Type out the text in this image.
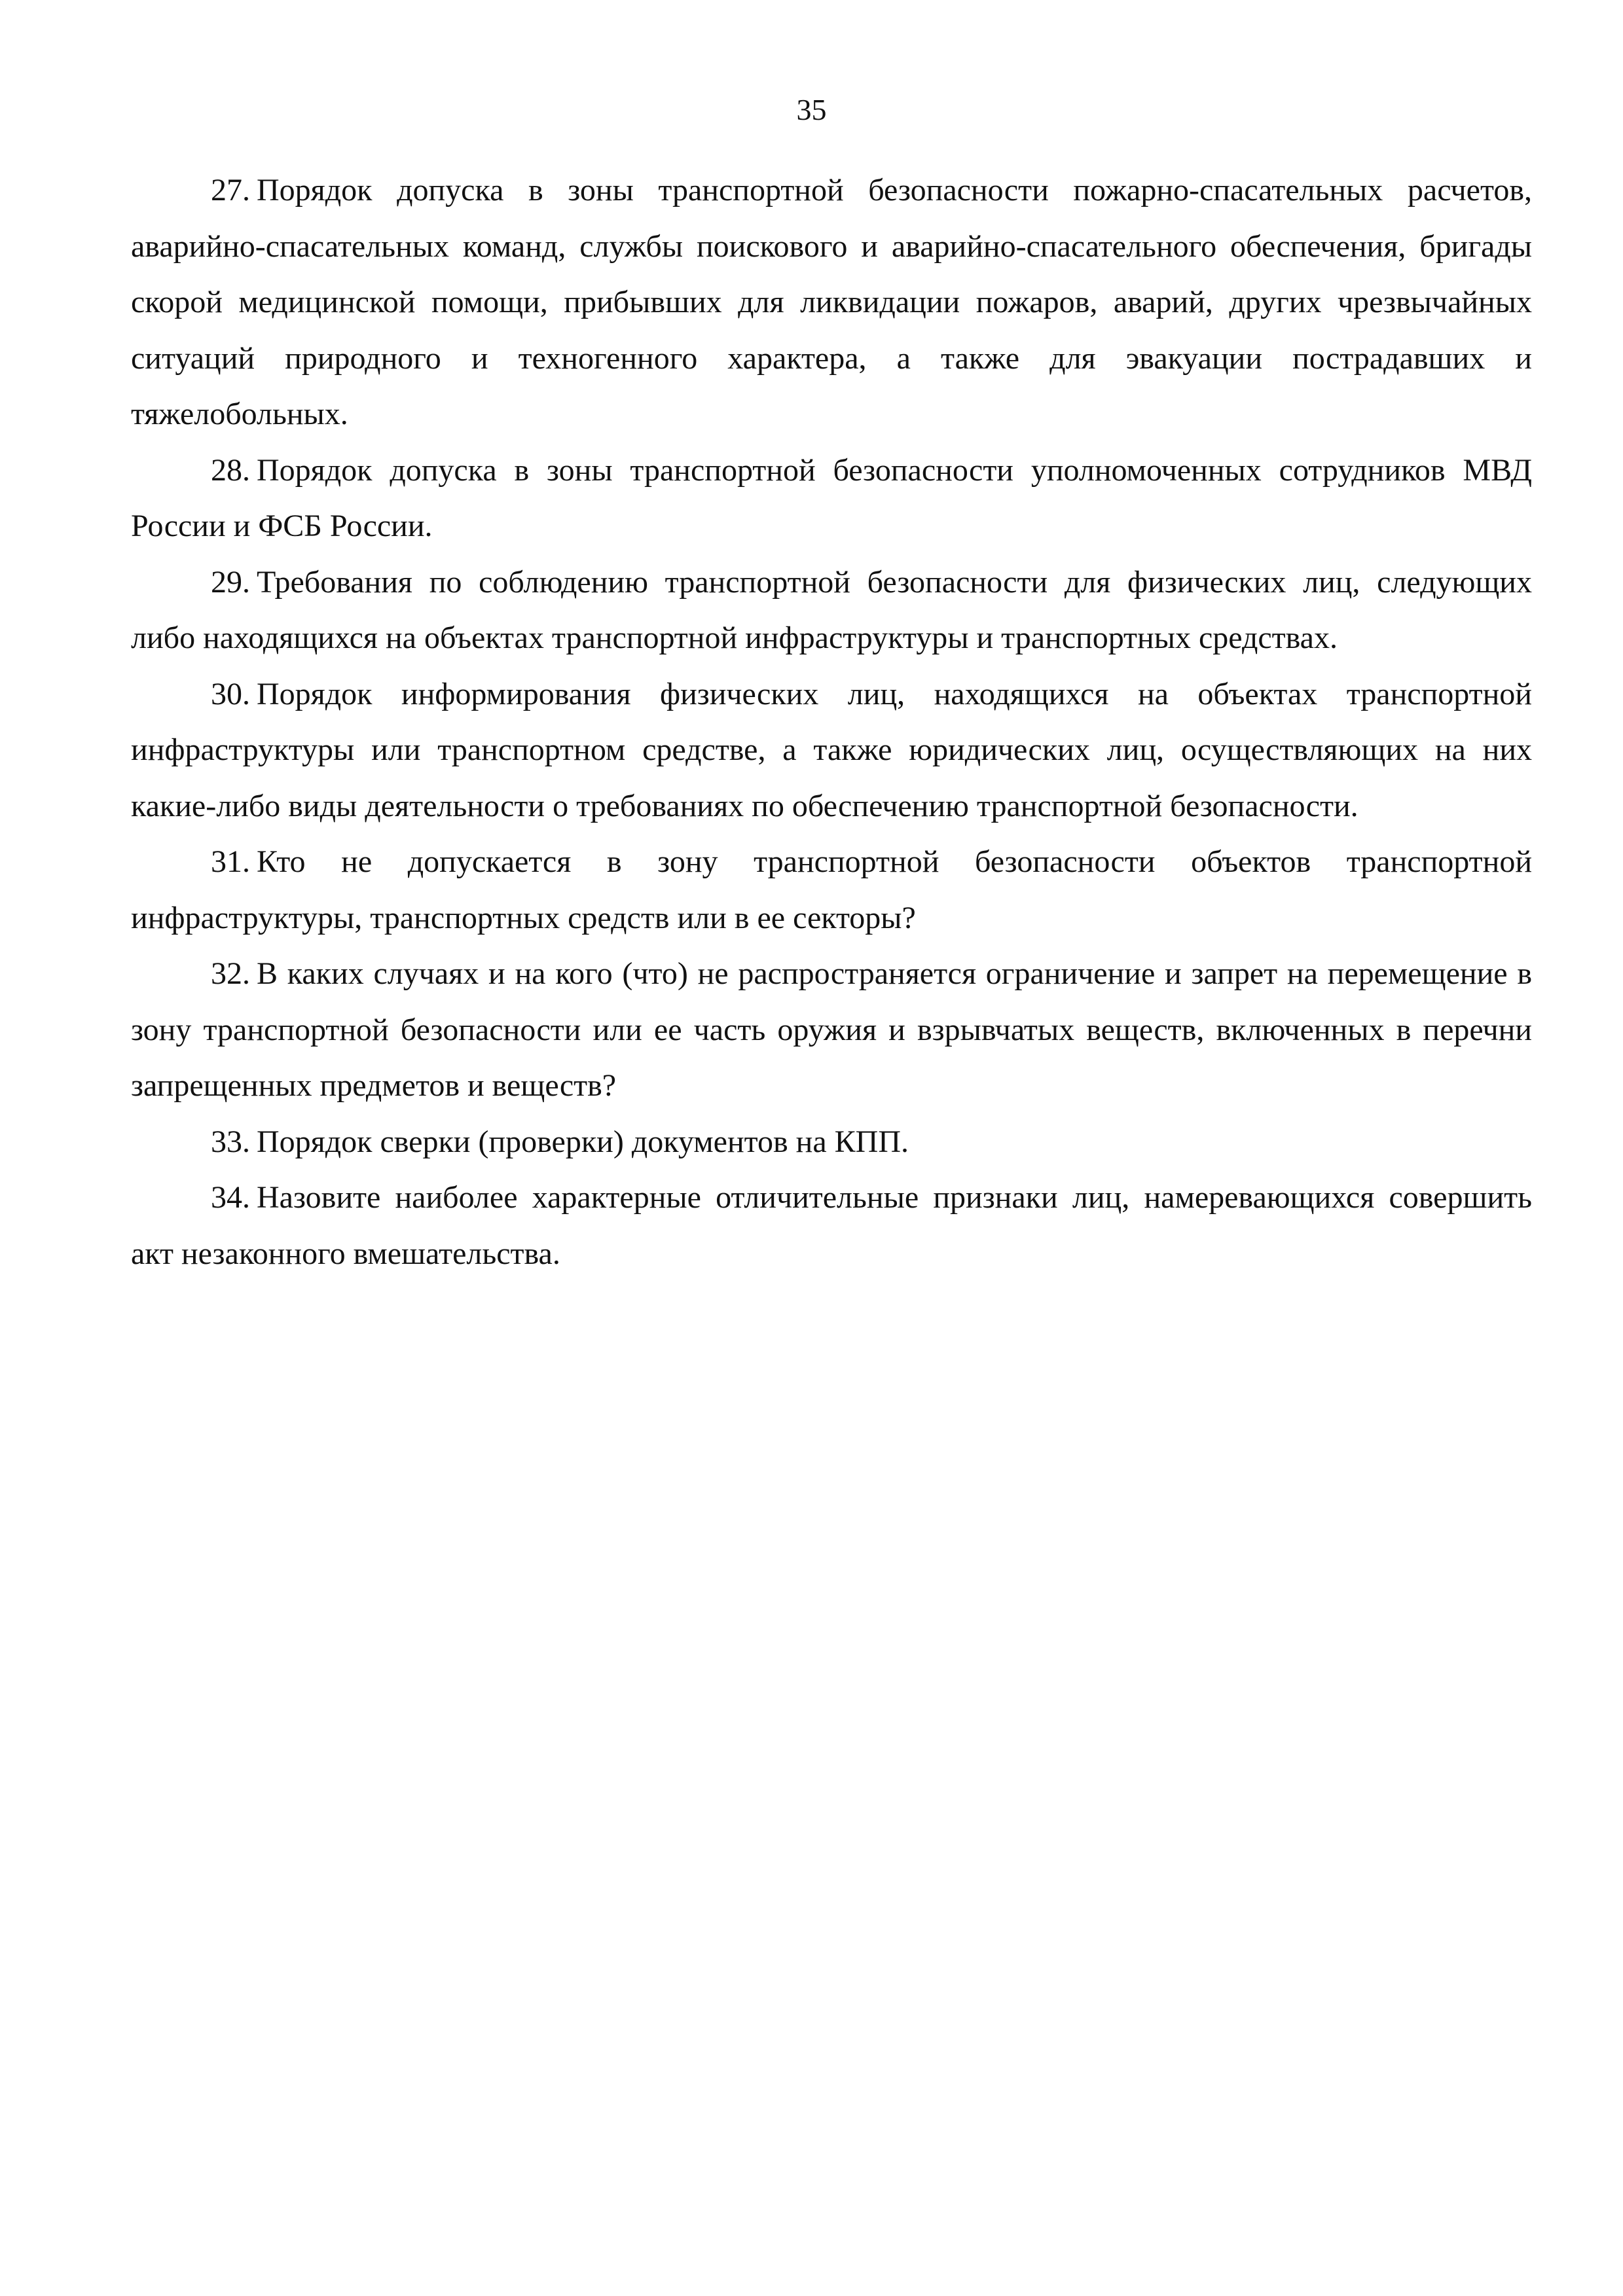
35

27. Порядок допуска в зоны транспортной безопасности пожарно-спасательных расчетов, аварийно-спасательных команд, службы поискового и аварийно-спасательного обеспечения, бригады скорой медицинской помощи, прибывших для ликвидации пожаров, аварий, других чрезвычайных ситуаций природного и техногенного характера, а также для эвакуации пострадавших и тяжелобольных.

28. Порядок допуска в зоны транспортной безопасности уполномоченных сотрудников МВД России и ФСБ России.

29. Требования по соблюдению транспортной безопасности для физических лиц, следующих либо находящихся на объектах транспортной инфраструктуры и транспортных средствах.

30. Порядок информирования физических лиц, находящихся на объектах транспортной инфраструктуры или транспортном средстве, а также юридических лиц, осуществляющих на них какие-либо виды деятельности о требованиях по обеспечению транспортной безопасности.

31. Кто не допускается в зону транспортной безопасности объектов транспортной инфраструктуры, транспортных средств или в ее секторы?

32. В каких случаях и на кого (что) не распространяется ограничение и запрет на перемещение в зону транспортной безопасности или ее часть оружия и взрывчатых веществ, включенных в перечни запрещенных предметов и веществ?

33. Порядок сверки (проверки) документов на КПП.

34. Назовите наиболее характерные отличительные признаки лиц, намеревающихся совершить акт незаконного вмешательства.
